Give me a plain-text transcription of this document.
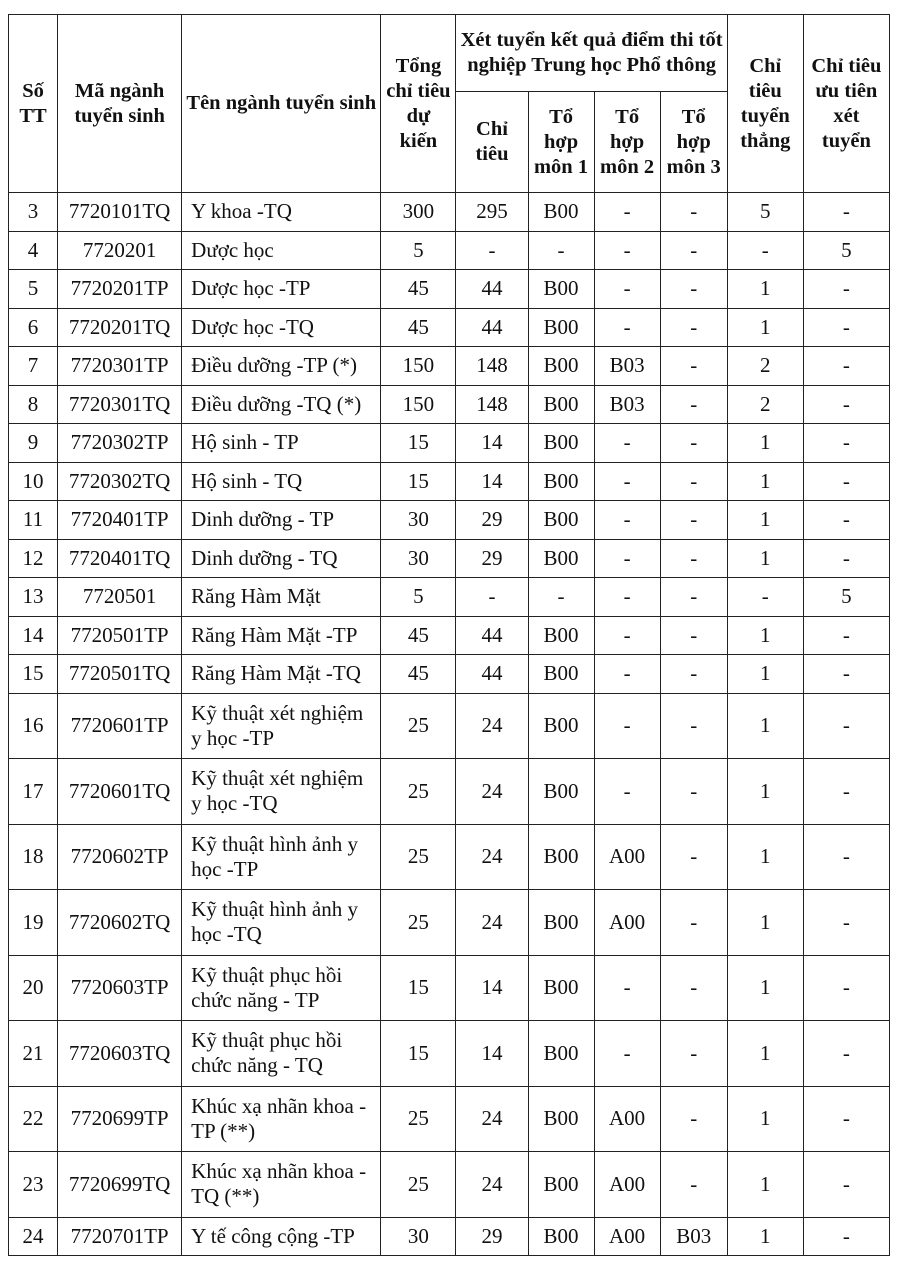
Số TT	Mã ngành tuyển sinh	Tên ngành tuyển sinh	Tổng chỉ tiêu dự kiến	Xét tuyển kết quả điểm thi tốt nghiệp Trung học Phổ thông				Chỉ tiêu tuyển thẳng	Chỉ tiêu ưu tiên xét tuyển
				Chỉ tiêu	Tổ hợp môn 1	Tổ hợp môn 2	Tổ hợp môn 3		
3	7720101TQ	Y khoa -TQ	300	295	B00	-	-	5	-
4	7720201	Dược học	5	-	-	-	-	-	5
5	7720201TP	Dược học -TP	45	44	B00	-	-	1	-
6	7720201TQ	Dược học -TQ	45	44	B00	-	-	1	-
7	7720301TP	Điều dưỡng -TP (*)	150	148	B00	B03	-	2	-
8	7720301TQ	Điều dưỡng -TQ (*)	150	148	B00	B03	-	2	-
9	7720302TP	Hộ sinh - TP	15	14	B00	-	-	1	-
10	7720302TQ	Hộ sinh - TQ	15	14	B00	-	-	1	-
11	7720401TP	Dinh dưỡng - TP	30	29	B00	-	-	1	-
12	7720401TQ	Dinh dưỡng - TQ	30	29	B00	-	-	1	-
13	7720501	Răng Hàm Mặt	5	-	-	-	-	-	5
14	7720501TP	Răng Hàm Mặt -TP	45	44	B00	-	-	1	-
15	7720501TQ	Răng Hàm Mặt -TQ	45	44	B00	-	-	1	-
16	7720601TP	Kỹ thuật xét nghiệm y học -TP	25	24	B00	-	-	1	-
17	7720601TQ	Kỹ thuật xét nghiệm y học -TQ	25	24	B00	-	-	1	-
18	7720602TP	Kỹ thuật hình ảnh y học -TP	25	24	B00	A00	-	1	-
19	7720602TQ	Kỹ thuật hình ảnh y học -TQ	25	24	B00	A00	-	1	-
20	7720603TP	Kỹ thuật phục hồi chức năng - TP	15	14	B00	-	-	1	-
21	7720603TQ	Kỹ thuật phục hồi chức năng - TQ	15	14	B00	-	-	1	-
22	7720699TP	Khúc xạ nhãn khoa - TP (**)	25	24	B00	A00	-	1	-
23	7720699TQ	Khúc xạ nhãn khoa - TQ (**)	25	24	B00	A00	-	1	-
24	7720701TP	Y tế công cộng -TP	30	29	B00	A00	B03	1	-
